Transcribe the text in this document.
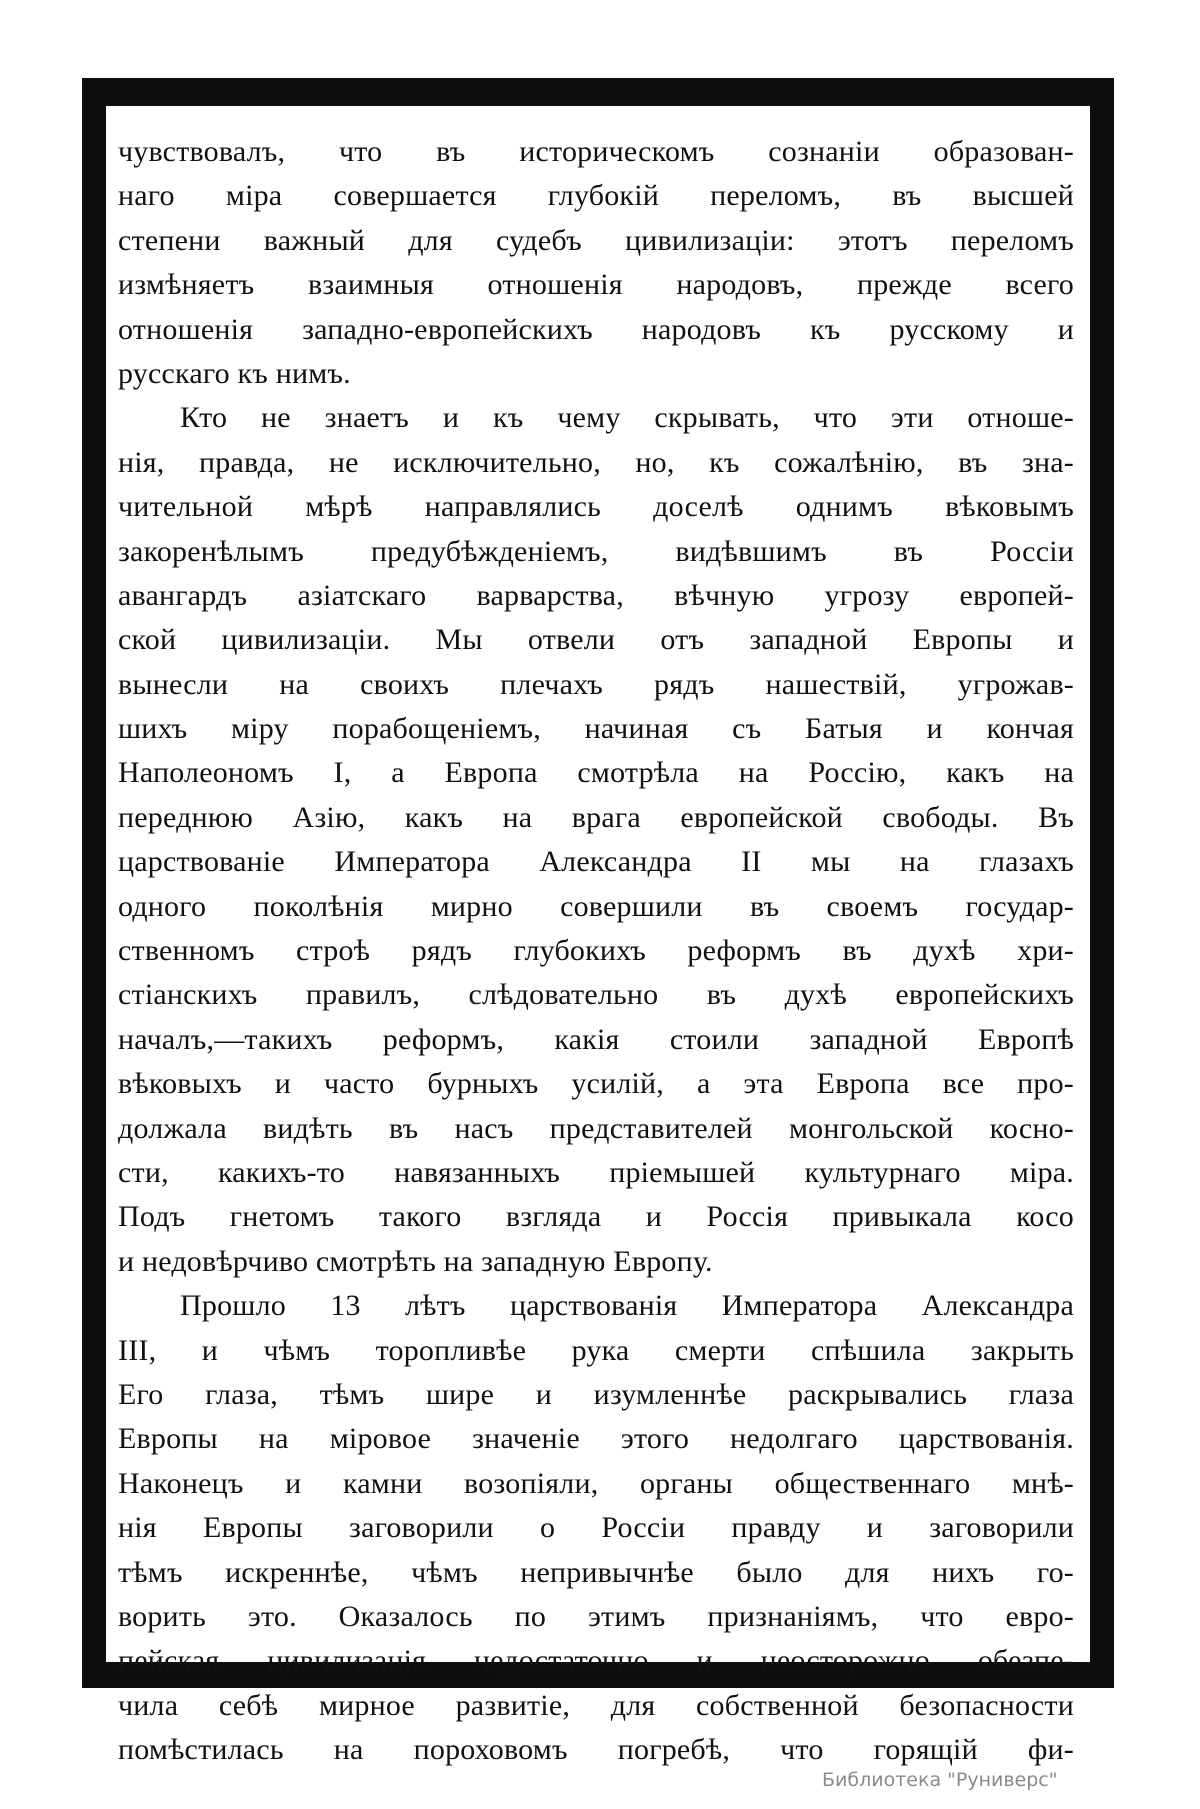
чувствовалъ, что въ историческомъ сознанiи образован-
наго мiра совершается глубокiй переломъ, въ высшей
степени важный для судебъ цивилизацiи: этотъ переломъ
измѣняетъ взаимныя отношенiя народовъ, прежде всего
отношенiя западно-европейскихъ народовъ къ русскому и
русскаго къ нимъ.
Кто не знаетъ и къ чему скрывать, что эти отноше-
нiя, правда, не исключительно, но, къ сожалѣнiю, въ зна-
чительной мѣрѣ направлялись доселѣ однимъ вѣковымъ
закоренѣлымъ предубѣжденiемъ, видѣвшимъ въ Россiи
авангардъ азiатскаго варварства, вѣчную угрозу европей-
ской цивилизацiи. Мы отвели отъ западной Европы и
вынесли на своихъ плечахъ рядъ нашествiй, угрожав-
шихъ мiру порабощенiемъ, начиная съ Батыя и кончая
Наполеономъ I, а Европа смотрѣла на Россiю, какъ на
переднюю Азiю, какъ на врага европейской свободы. Въ
царствованiе Императора Александра II мы на глазахъ
одного поколѣнiя мирно совершили въ своемъ государ-
ственномъ строѣ рядъ глубокихъ реформъ въ духѣ хри-
стiанскихъ правилъ, слѣдовательно въ духѣ европейскихъ
началъ,—такихъ реформъ, какiя стоили западной Европѣ
вѣковыхъ и часто бурныхъ усилiй, а эта Европа все про-
должала видѣть въ насъ представителей монгольской косно-
сти, какихъ-то навязанныхъ прiемышей культурнаго мiра.
Подъ гнетомъ такого взгляда и Россiя привыкала косо
и недовѣрчиво смотрѣть на западную Европу.
Прошло 13 лѣтъ царствованiя Императора Александра
III, и чѣмъ торопливѣе рука смерти спѣшила закрыть
Его глаза, тѣмъ шире и изумленнѣе раскрывались глаза
Европы на мiровое значенiе этого недолгаго царствованiя.
Наконецъ и камни возопiяли, органы общественнаго мнѣ-
нiя Европы заговорили о Россiи правду и заговорили
тѣмъ искреннѣе, чѣмъ непривычнѣе было для нихъ го-
ворить это. Оказалось по этимъ признанiямъ, что евро-
пейская цивилизацiя недостаточно и неосторожно обезпе-
чила себѣ мирное развитiе, для собственной безопасности
помѣстилась на пороховомъ погребѣ, что горящiй фи-
Библиотека "Руниверс"
